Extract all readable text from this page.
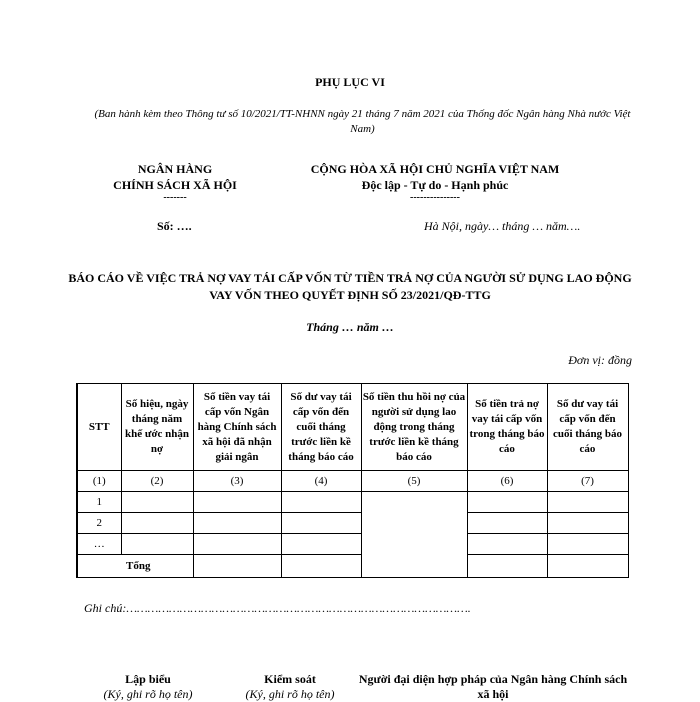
PHỤ LỤC VI
(Ban hành kèm theo Thông tư số 10/2021/TT-NHNN ngày 21 tháng 7 năm 2021 của Thống đốc Ngân hàng Nhà nước Việt Nam)
NGÂN HÀNG
CHÍNH SÁCH XÃ HỘI
-------
CỘNG HÒA XÃ HỘI CHỦ NGHĨA VIỆT NAM
Độc lập - Tự do - Hạnh phúc
---------------
Số: ….	Hà Nội, ngày… tháng … năm….
BÁO CÁO VỀ VIỆC TRẢ NỢ VAY TÁI CẤP VỐN TỪ TIỀN TRẢ NỢ CỦA NGƯỜI SỬ DỤNG LAO ĐỘNG VAY VỐN THEO QUYẾT ĐỊNH SỐ 23/2021/QĐ-TTG
Tháng … năm …
Đơn vị: đồng
STT	Số hiệu, ngày tháng năm khế ước nhận nợ	Số tiền vay tái cấp vốn Ngân hàng Chính sách xã hội đã nhận giải ngân	Số dư vay tái cấp vốn đến cuối tháng trước liền kề tháng báo cáo	Số tiền thu hồi nợ của người sử dụng lao động trong tháng trước liền kề tháng báo cáo	Số tiền trả nợ vay tái cấp vốn trong tháng báo cáo	Số dư vay tái cấp vốn đến cuối tháng báo cáo
(1)	(2)	(3)	(4)	(5)	(6)	(7)
1						
2						
…						
Tổng						
Ghi chú:…………………………………………………………………………………….
Lập biểu
(Ký, ghi rõ họ tên)
Kiểm soát
(Ký, ghi rõ họ tên)
Người đại diện hợp pháp của Ngân hàng Chính sách xã hội
